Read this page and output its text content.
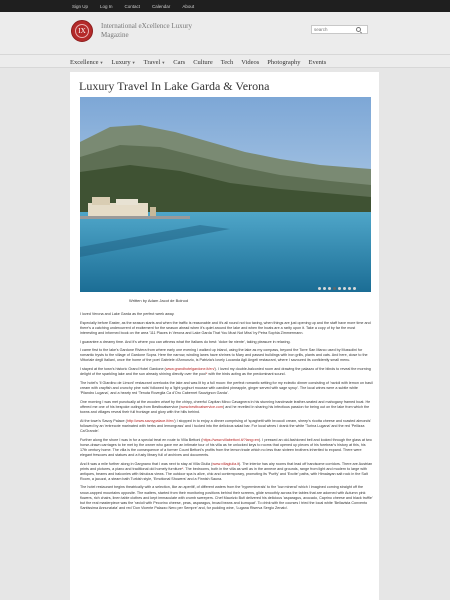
Sign Up	Log In	Contact	Calendar	About
IX
International eXcellence Luxury Magazine
search
Excellence▼ Luxury▼ Travel▼ Cars Culture Tech Videos Photography Events
Luxury Travel In Lake Garda & Verona
Written by Adam Jacot de Boinod

I loved Verona and Lake Garda as the perfect week away.

Especially before Easter, as the season starts and when the traffic is reasonable and it's all round not too taxing, when things are just opening up and the staff have more time and there's a catching undercurrent of excitement for the season ahead when it's quiet around the lake and when the boats are a rarity upon it. Take a copy of by far the most interesting and informed book on the area '111 Places in Verona and Lake Garda That You Must Not Miss' by Petra Sophia Zimmermann.

I guarantee a dreamy time. And it's where you can witness what the Italians do best: 'dolce far niente', taking pleasure in relaxing.

I came first to the lake's Gardone Riviera from where early one evening I walked up inland, using the lake as my compass, beyond the Torre San Marco used by Mussolini for romantic trysts to the village of Gardone Sopra. Here the narrow, winding lanes have shrines to Mary and passed buildings with iron grills, plants and cats. And here, close to the Vittoriale degli Italiani, once the home of the poet Gabriele d'Annunzio, is Patrizia's lovely Locanda Agli Angeli restaurant, where I savoured its confidently small menu.

I stayed at the town's historic Grand Hotel Gardone (www.grandhotelgardone.it/en/). I loved my double-balconied room and drawing the palazzo of the blinds to reveal the morning delight of the sparkling lake and the sun already shining directly over the pool* with the birds acting as the predominant sound.

The hotel's 'Il Giardino de Limoni' restaurant overlooks the lake and was lit by a full moon: the perfect romantic setting for my eclectic dinner consisting of 'ravioli with lemon on basil cream with crayfish and crunchy pine nuts' followed by a 'light yoghurt mousse with candied pineapple, ginger served with sage syrup'. The local wines were a subtle white 'Pilandro Lugana', and a hearty red 'Tenuta Roveglia Ca d'Oro Cabernet Sauvignon Garda'.

One morning I was met punctually at the wooden wharf by the chirpy, cheerful Capitan Mirco Cavagnera in his stunning handmade leather-seated and mahogany framed boat. He offered me one of his bespoke outings from Bestboatservice (www.bestboatservice.com) and he revelled in sharing his infectious passion for being out on the lake from which the towns and villages reveal their full frontage and glory with the hills behind.

At the town's Savoy Palace (http://www.savoypalace.it/en/) I stopped in to enjoy a dinner comprising of 'spaghetti with broccoli cream, sheep's ricotta cheese and roasted almonds' followed by an 'entrecote marinated with herbs and lemongrass' and I tucked into the delicious salad bar. For local wines I drank the white 'Turina Lugana' and the red 'Pellizza Ca'Grande'.

Further along the shore I was in for a special treat en route to Villa Bettoni (https://www.villabettoni.it/?lang=en). I pressed an old-fashioned bell and looked through the glass at two horse-drawn carriages to be met by the owner who gave me an intimate tour of his villa as he unlocked keys to rooms that opened up pieces of his forebear's history at this, his 17th century home. The villa is the consequence of a former Count Bettoni's profits from the lemon trade which no less than sixteen brothers inherited to expand. There were elegant frescoes and statues and a fusty library full of archives and documents.

And it was a mile further along in Gargnano that I was next to stay at Villa Giulia (www.villagiulia.it). The interior has airy rooms that lead off handsome corridors. There are Austrian prints and pictures, a piano and traditional old homely furniture*. The bedrooms, both in the villa as well as in the annexe and grounds, range from light and modern to large with antiques, beams and balconies with fabulous views. The outdoor spa is alive, chic and contemporary, promoting its 'Purify' and 'Excite' paths, with Himalayan salt rock in the Salt Room, a jacuzzi, a steam bath Turkish style, 'Emotional Showers' and a Finnish Sauna.

The hotel restaurant begins theatrically with a selection, like an aperitif, of different waters from the 'hyperminerals' to the 'low mineral' which I imagined coming straight off the snow-capped mountains opposite. The waiters, started from their monitoring positions behind their screens, glide smoothly across the tables that are adorned with Autumn pink flowers, rich chairs, linen table clothes and kept immaculate with crumb sweepers. Chef Maurizio Bufi delivered his delicious 'asparagus, avocado, Caprino cheese and black truffle' but the real masterpiece was the 'ravioli with Pecorino cheese, peas, asparagus, broad beans and kumquat'. To drink with the courses I tried the local white 'Bellavista Convento Santissima Annunziata' and red 'Don Vicente Palazzo Nero per Sempre' and, for pudding wine, 'Lugana Riserva Sergio Zenato'.
